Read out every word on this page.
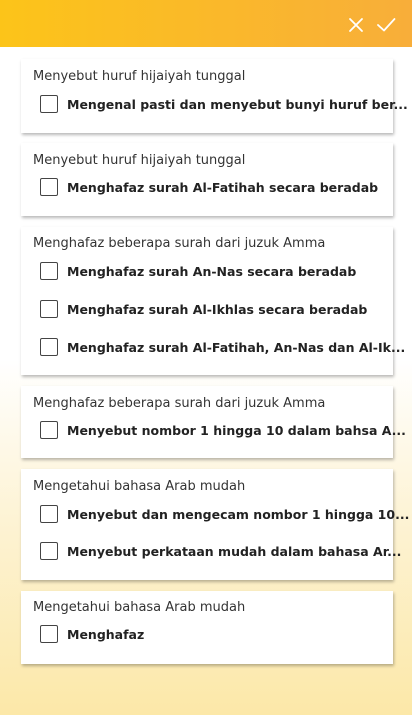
Menyebut huruf hijaiyah tunggal
Mengenal pasti dan menyebut bunyi huruf ber...
Menyebut huruf hijaiyah tunggal
Menghafaz surah Al-Fatihah secara beradab
Menghafaz beberapa surah dari juzuk Amma
Menghafaz surah An-Nas secara beradab
Menghafaz surah Al-Ikhlas secara beradab
Menghafaz surah Al-Fatihah, An-Nas dan Al-Ik...
Menghafaz beberapa surah dari juzuk Amma
Menyebut nombor 1 hingga 10 dalam bahsa A...
Mengetahui bahasa Arab mudah
Menyebut dan mengecam nombor 1 hingga 10...
Menyebut perkataan mudah dalam bahasa Ar...
Mengetahui bahasa Arab mudah
Menghafaz
